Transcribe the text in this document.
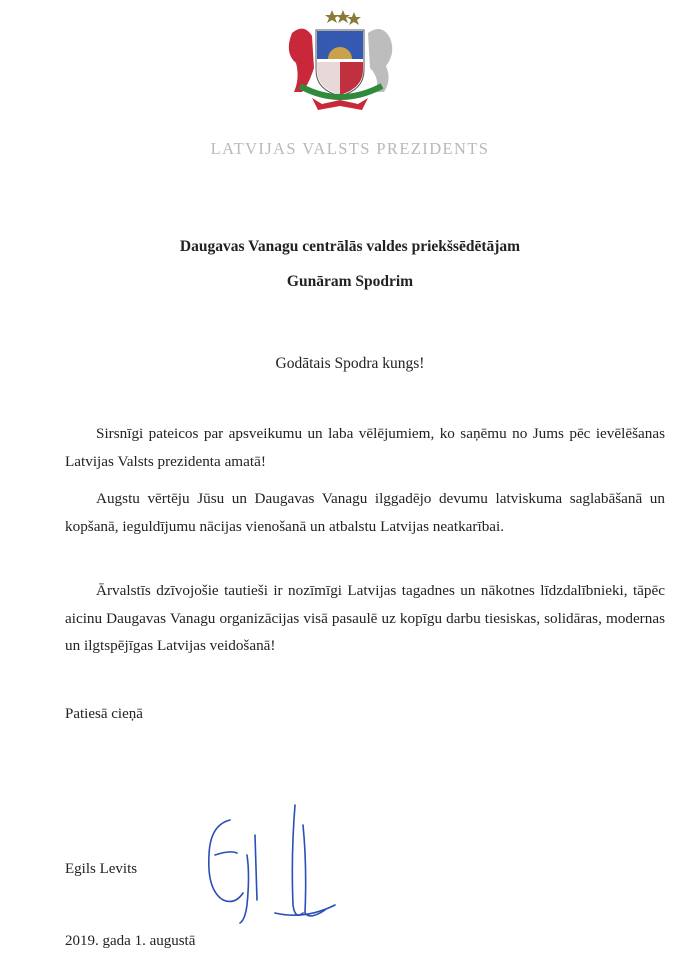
LATVIJAS VALSTS PREZIDENTS
Daugavas Vanagu centrālās valdes priekšsēdētājam
Gunāram Spodrim
Godātais Spodra kungs!
Sirsnīgi pateicos par apsveikumu un laba vēlējumiem, ko saņēmu no Jums pēc ievēlēšanas Latvijas Valsts prezidenta amatā!
Augstu vērtēju Jūsu un Daugavas Vanagu ilggadējo devumu latviskuma saglabāšanā un kopšanā, ieguldījumu nācijas vienošanā un atbalstu Latvijas neatkarībai.
Ārvalstīs dzīvojošie tautieši ir nozīmīgi Latvijas tagadnes un nākotnes līdzdalībnieki, tāpēc aicinu Daugavas Vanagu organizācijas visā pasaulē uz kopīgu darbu tiesiskas, solidāras, modernas un ilgtspējīgas Latvijas veidošanā!
Patiesā cieņā
Egils Levits
2019. gada 1. augustā
